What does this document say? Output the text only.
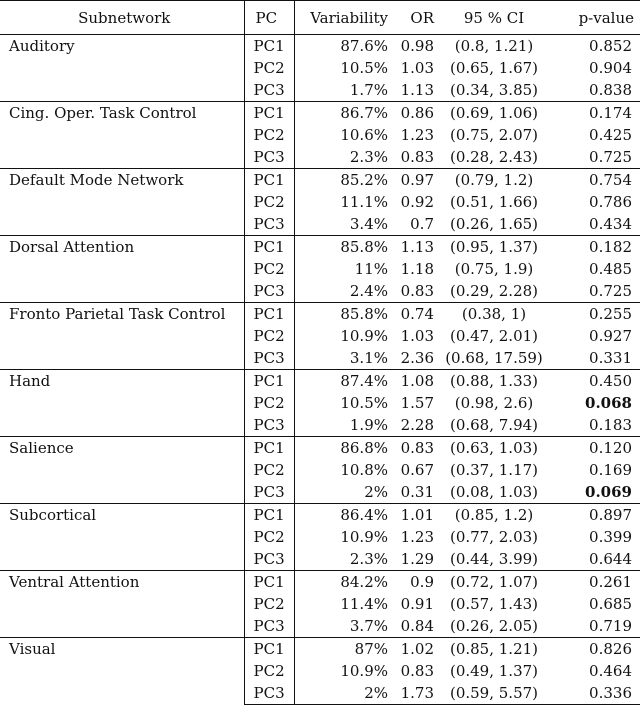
Subnetwork	PC	Variability	OR	95 % CI	p-value
Auditory	PC1	87.6%	0.98	(0.8, 1.21)	0.852
	PC2	10.5%	1.03	(0.65, 1.67)	0.904
	PC3	1.7%	1.13	(0.34, 3.85)	0.838
Cing. Oper. Task Control	PC1	86.7%	0.86	(0.69, 1.06)	0.174
	PC2	10.6%	1.23	(0.75, 2.07)	0.425
	PC3	2.3%	0.83	(0.28, 2.43)	0.725
Default Mode Network	PC1	85.2%	0.97	(0.79, 1.2)	0.754
	PC2	11.1%	0.92	(0.51, 1.66)	0.786
	PC3	3.4%	0.7	(0.26, 1.65)	0.434
Dorsal Attention	PC1	85.8%	1.13	(0.95, 1.37)	0.182
	PC2	11%	1.18	(0.75, 1.9)	0.485
	PC3	2.4%	0.83	(0.29, 2.28)	0.725
Fronto Parietal Task Control	PC1	85.8%	0.74	(0.38, 1)	0.255
	PC2	10.9%	1.03	(0.47, 2.01)	0.927
	PC3	3.1%	2.36	(0.68, 17.59)	0.331
Hand	PC1	87.4%	1.08	(0.88, 1.33)	0.450
	PC2	10.5%	1.57	(0.98, 2.6)	0.068
	PC3	1.9%	2.28	(0.68, 7.94)	0.183
Salience	PC1	86.8%	0.83	(0.63, 1.03)	0.120
	PC2	10.8%	0.67	(0.37, 1.17)	0.169
	PC3	2%	0.31	(0.08, 1.03)	0.069
Subcortical	PC1	86.4%	1.01	(0.85, 1.2)	0.897
	PC2	10.9%	1.23	(0.77, 2.03)	0.399
	PC3	2.3%	1.29	(0.44, 3.99)	0.644
Ventral Attention	PC1	84.2%	0.9	(0.72, 1.07)	0.261
	PC2	11.4%	0.91	(0.57, 1.43)	0.685
	PC3	3.7%	0.84	(0.26, 2.05)	0.719
Visual	PC1	87%	1.02	(0.85, 1.21)	0.826
	PC2	10.9%	0.83	(0.49, 1.37)	0.464
	PC3	2%	1.73	(0.59, 5.57)	0.336
